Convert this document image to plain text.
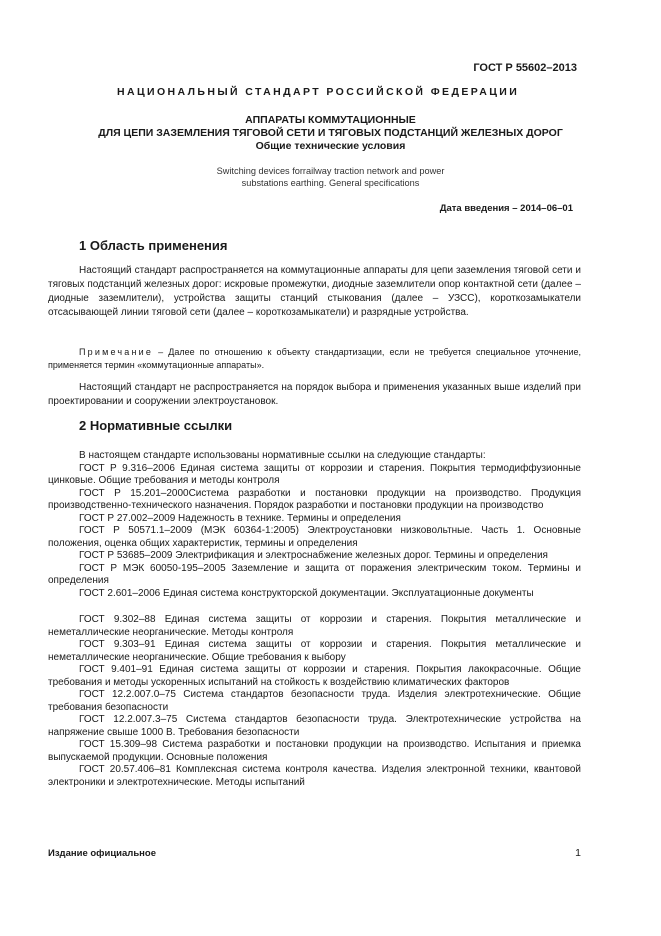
ГОСТ Р 55602–2013
НАЦИОНАЛЬНЫЙ СТАНДАРТ РОССИЙСКОЙ ФЕДЕРАЦИИ
АППАРАТЫ КОММУТАЦИОННЫЕ
ДЛЯ ЦЕПИ ЗАЗЕМЛЕНИЯ ТЯГОВОЙ СЕТИ И ТЯГОВЫХ ПОДСТАНЦИЙ ЖЕЛЕЗНЫХ ДОРОГ
Общие технические условия
Switching devices forrailway traction network and power
substations earthing. General specifications
Дата введения – 2014–06–01
1 Область применения
Настоящий стандарт распространяется на коммутационные аппараты для цепи заземления тяговой сети и тяговых подстанций железных дорог: искровые промежутки, диодные заземлители опор контактной сети (далее – диодные заземлители), устройства защиты станций стыкования (далее – УЗСС), короткозамыкатели отсасывающей линии тяговой сети (далее – короткозамыкатели) и разрядные устройства.
Примечание – Далее по отношению к объекту стандартизации, если не требуется специальное уточнение, применяется термин «коммутационные аппараты».
Настоящий стандарт не распространяется на порядок выбора и применения указанных выше изделий при проектировании и сооружении электроустановок.
2 Нормативные ссылки
В настоящем стандарте использованы нормативные ссылки на следующие стандарты:
ГОСТ Р 9.316–2006 Единая система защиты от коррозии и старения. Покрытия термодиффузионные цинковые. Общие требования и методы контроля
ГОСТ Р 15.201–2000Система разработки и постановки продукции на производство. Продукция производственно-технического назначения. Порядок разработки и постановки продукции на производство
ГОСТ Р 27.002–2009 Надежность в технике. Термины и определения
ГОСТ Р 50571.1–2009 (МЭК 60364-1:2005) Электроустановки низковольтные. Часть 1. Основные положения, оценка общих характеристик, термины и определения
ГОСТ Р 53685–2009 Электрификация и электроснабжение железных дорог. Термины и определения
ГОСТ Р МЭК 60050-195–2005 Заземление и защита от поражения электрическим током. Термины и определения
ГОСТ 2.601–2006 Единая система конструкторской документации. Эксплуатационные документы
ГОСТ 9.302–88 Единая система защиты от коррозии и старения. Покрытия металлические и неметаллические неорганические. Методы контроля
ГОСТ 9.303–91 Единая система защиты от коррозии и старения. Покрытия металлические и неметаллические неорганические. Общие требования к выбору
ГОСТ 9.401–91 Единая система защиты от коррозии и старения. Покрытия лакокрасочные. Общие требования и методы ускоренных испытаний на стойкость к воздействию климатических факторов
ГОСТ 12.2.007.0–75 Система стандартов безопасности труда. Изделия электротехнические. Общие требования безопасности
ГОСТ 12.2.007.3–75 Система стандартов безопасности труда. Электротехнические устройства на напряжение свыше 1000 В. Требования безопасности
ГОСТ 15.309–98 Система разработки и постановки продукции на производство. Испытания и приемка выпускаемой продукции. Основные положения
ГОСТ 20.57.406–81 Комплексная система контроля качества. Изделия электронной техники, квантовой электроники и электротехнические. Методы испытаний
Издание официальное	1
